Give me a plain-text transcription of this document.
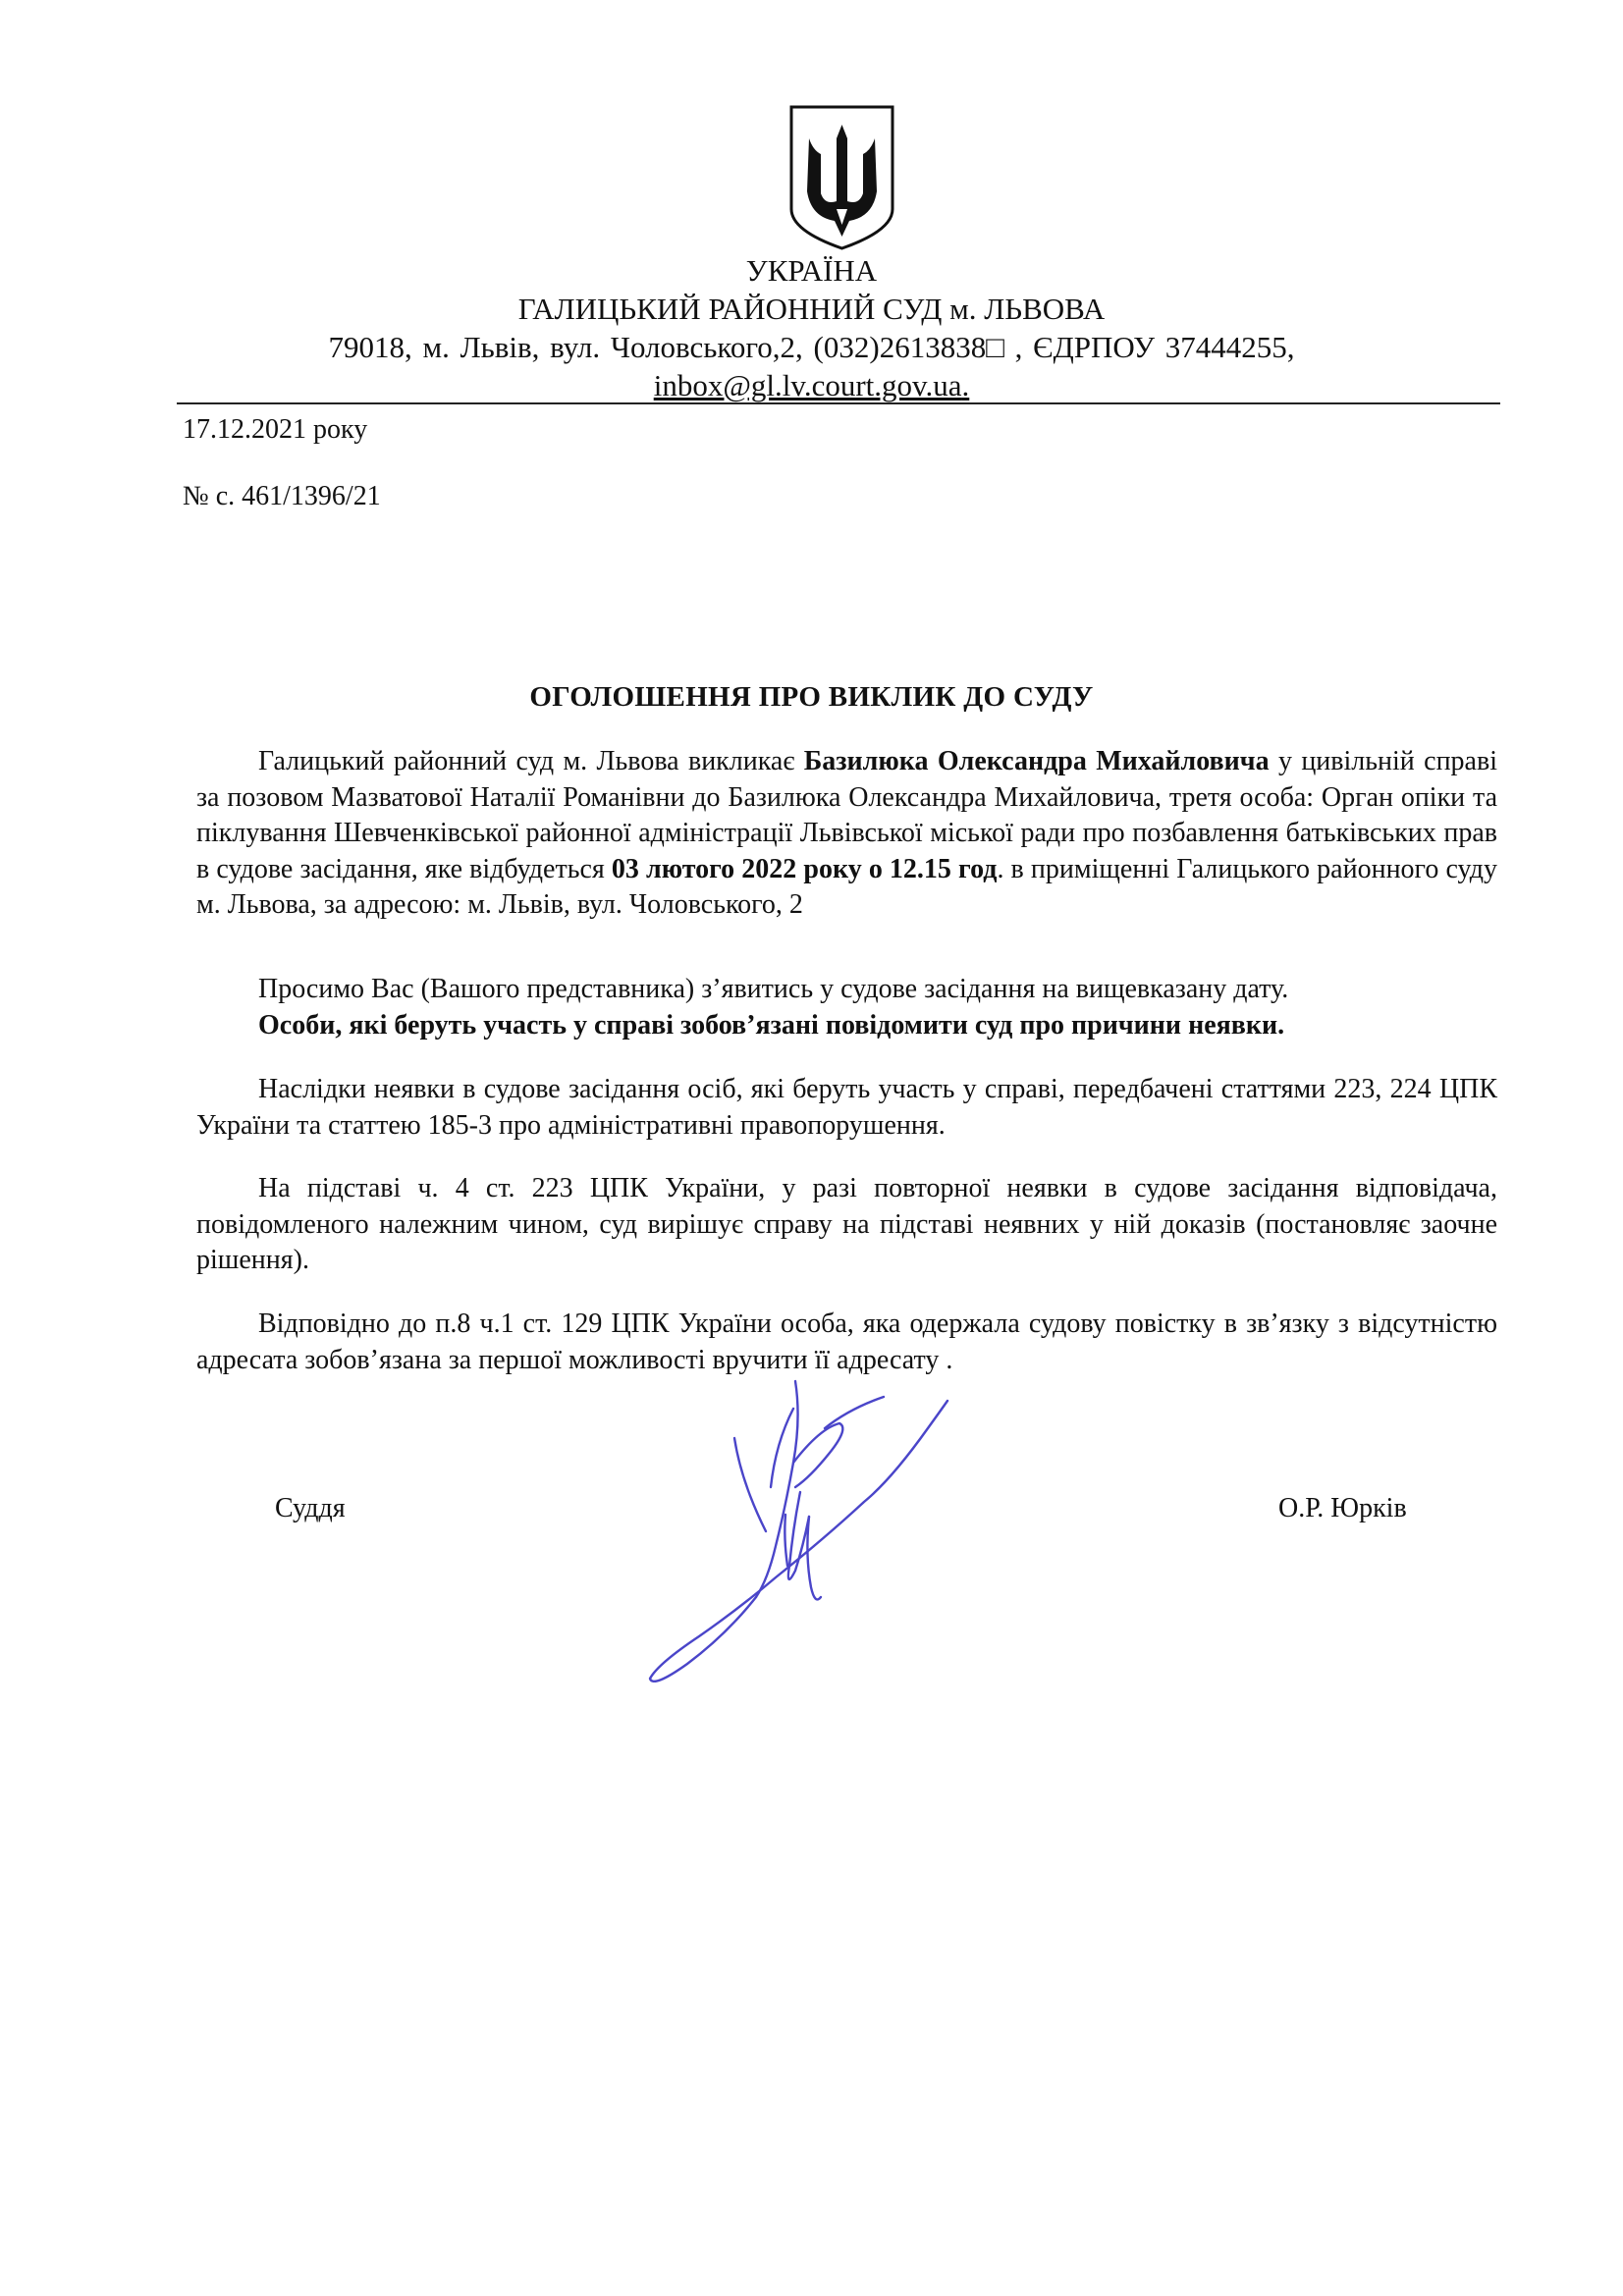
УКРАЇНА
ГАЛИЦЬКИЙ РАЙОННИЙ СУД м. ЛЬВОВА
79018, м. Львів, вул. Чоловського,2, (032)2613838□ , ЄДРПОУ 37444255,
inbox@gl.lv.court.gov.ua.
17.12.2021 року
№ с. 461/1396/21
ОГОЛОШЕННЯ ПРО ВИКЛИК ДО СУДУ
Галицький районний суд м. Львова викликає Базилюка Олександра Михайловича у цивільній справі за позовом Мазватової Наталії Романівни до Базилюка Олександра Михайловича, третя особа: Орган опіки та піклування Шевченківської районної адміністрації Львівської міської ради про позбавлення батьківських прав в судове засідання, яке відбудеться 03 лютого 2022 року о 12.15 год. в приміщенні Галицького районного суду м. Львова, за адресою: м. Львів, вул. Чоловського, 2
Просимо Вас (Вашого представника) з’явитись у судове засідання на вищевказану дату.
Особи, які беруть участь у справі зобов’язані повідомити суд про причини неявки.
Наслідки неявки в судове засідання осіб, які беруть участь у справі, передбачені статтями 223, 224 ЦПК України та статтею 185-3 про адміністративні правопорушення.
На підставі ч. 4 ст. 223 ЦПК України, у разі повторної неявки в судове засідання відповідача, повідомленого належним чином, суд вирішує справу на підставі неявних у ній доказів (постановляє заочне рішення).
Відповідно до п.8 ч.1 ст. 129 ЦПК України особа, яка одержала судову повістку в зв’язку з відсутністю адресата зобов’язана за першої можливості вручити її адресату .
Суддя	О.Р. Юрків
